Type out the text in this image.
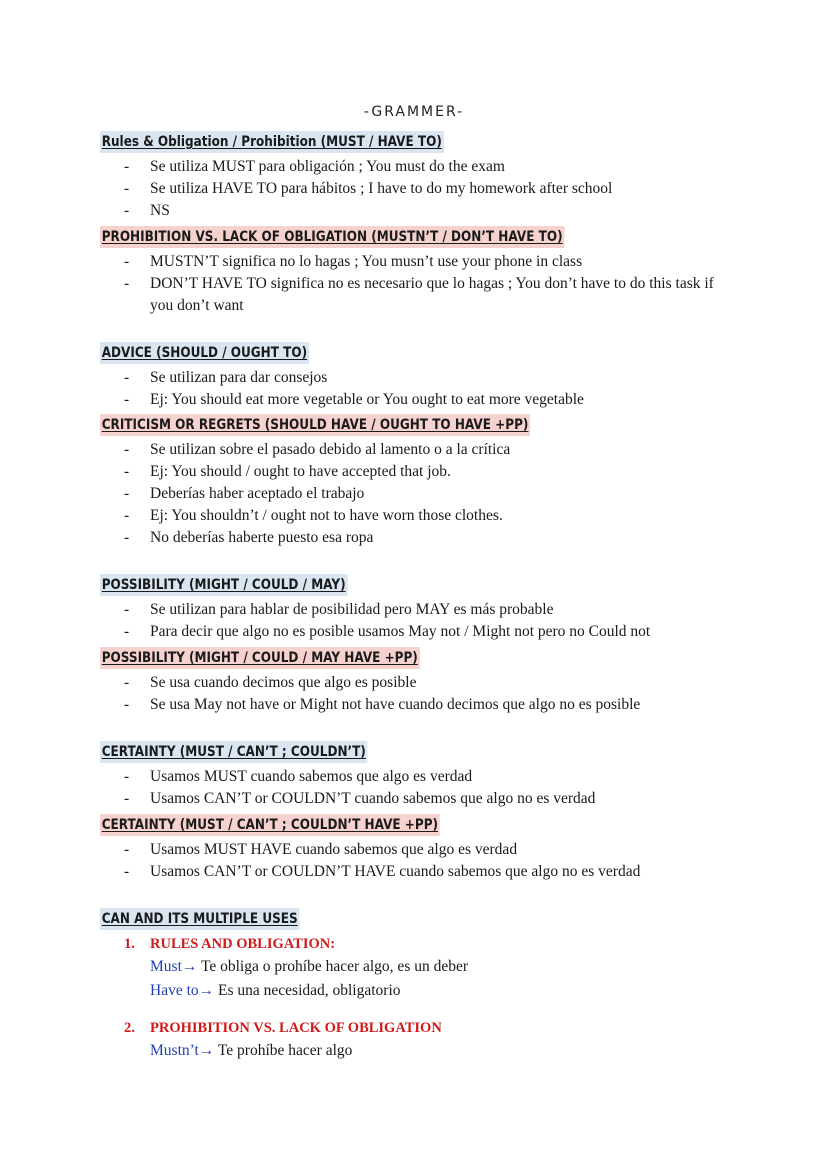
-GRAMMER-
Rules & Obligation / Prohibition (MUST / HAVE TO)
- Se utiliza MUST para obligación ; You must do the exam
- Se utiliza HAVE TO para hábitos ; I have to do my homework after school
- NS
PROHIBITION VS. LACK OF OBLIGATION (MUSTN’T / DON’T HAVE TO)
- MUSTN’T significa no lo hagas ; You musn’t use your phone in class
- DON’T HAVE TO significa no es necesario que lo hagas ; You don’t have to do this task if you don’t want
ADVICE (SHOULD / OUGHT TO)
- Se utilizan para dar consejos
- Ej: You should eat more vegetable or You ought to eat more vegetable
CRITICISM OR REGRETS (SHOULD HAVE / OUGHT TO HAVE +PP)
- Se utilizan sobre el pasado debido al lamento o a la crítica
- Ej: You should / ought to have accepted that job.
- Deberías haber aceptado el trabajo
- Ej: You shouldn’t / ought not to have worn those clothes.
- No deberías haberte puesto esa ropa
POSSIBILITY (MIGHT / COULD / MAY)
- Se utilizan para hablar de posibilidad pero MAY es más probable
- Para decir que algo no es posible usamos May not / Might not pero no Could not
POSSIBILITY (MIGHT / COULD / MAY HAVE +PP)
- Se usa cuando decimos que algo es posible
- Se usa May not have or Might not have cuando decimos que algo no es posible
CERTAINTY (MUST / CAN’T ; COULDN’T)
- Usamos MUST cuando sabemos que algo es verdad
- Usamos CAN’T or COULDN’T cuando sabemos que algo no es verdad
CERTAINTY (MUST / CAN’T ; COULDN’T HAVE +PP)
- Usamos MUST HAVE cuando sabemos que algo es verdad
- Usamos CAN’T or COULDN’T HAVE cuando sabemos que algo no es verdad
CAN AND ITS MULTIPLE USES
1. RULES AND OBLIGATION:
Must→ Te obliga o prohíbe hacer algo, es un deber
Have to→ Es una necesidad, obligatorio
2. PROHIBITION VS. LACK OF OBLIGATION
Mustn’t→ Te prohíbe hacer algo
